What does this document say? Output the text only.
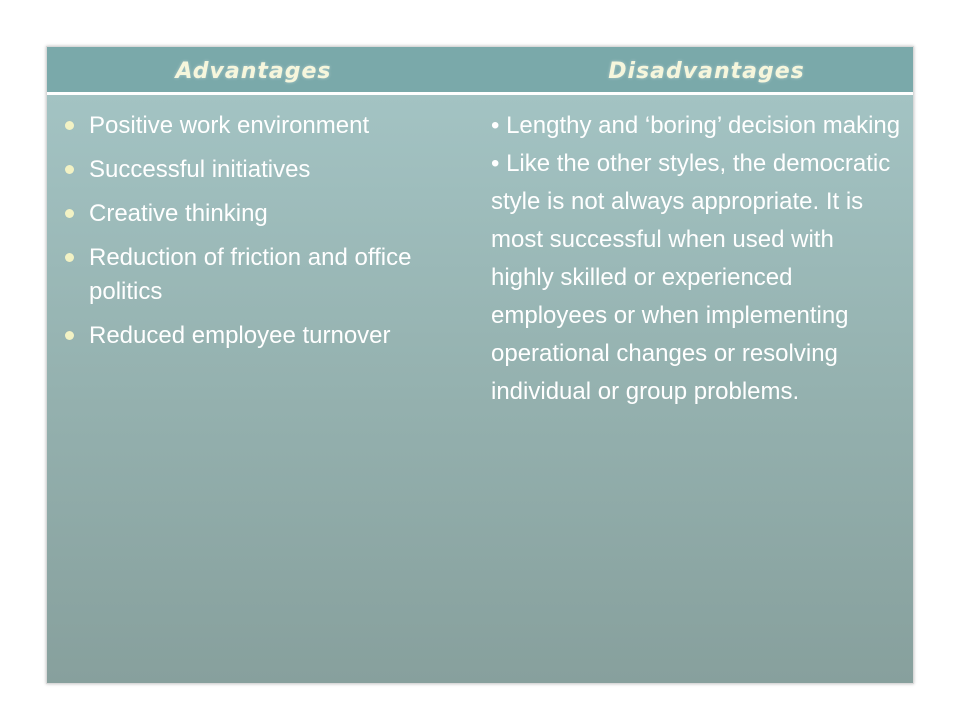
Advantages	Disadvantages
Positive work environment
Successful initiatives
Creative thinking
Reduction of friction and office politics
Reduced employee turnover

• Lengthy and ‘boring’ decision making

• Like the other styles, the democratic style is not always appropriate. It is most successful when used with highly skilled or experienced employees or when implementing operational changes or resolving individual or group problems.
